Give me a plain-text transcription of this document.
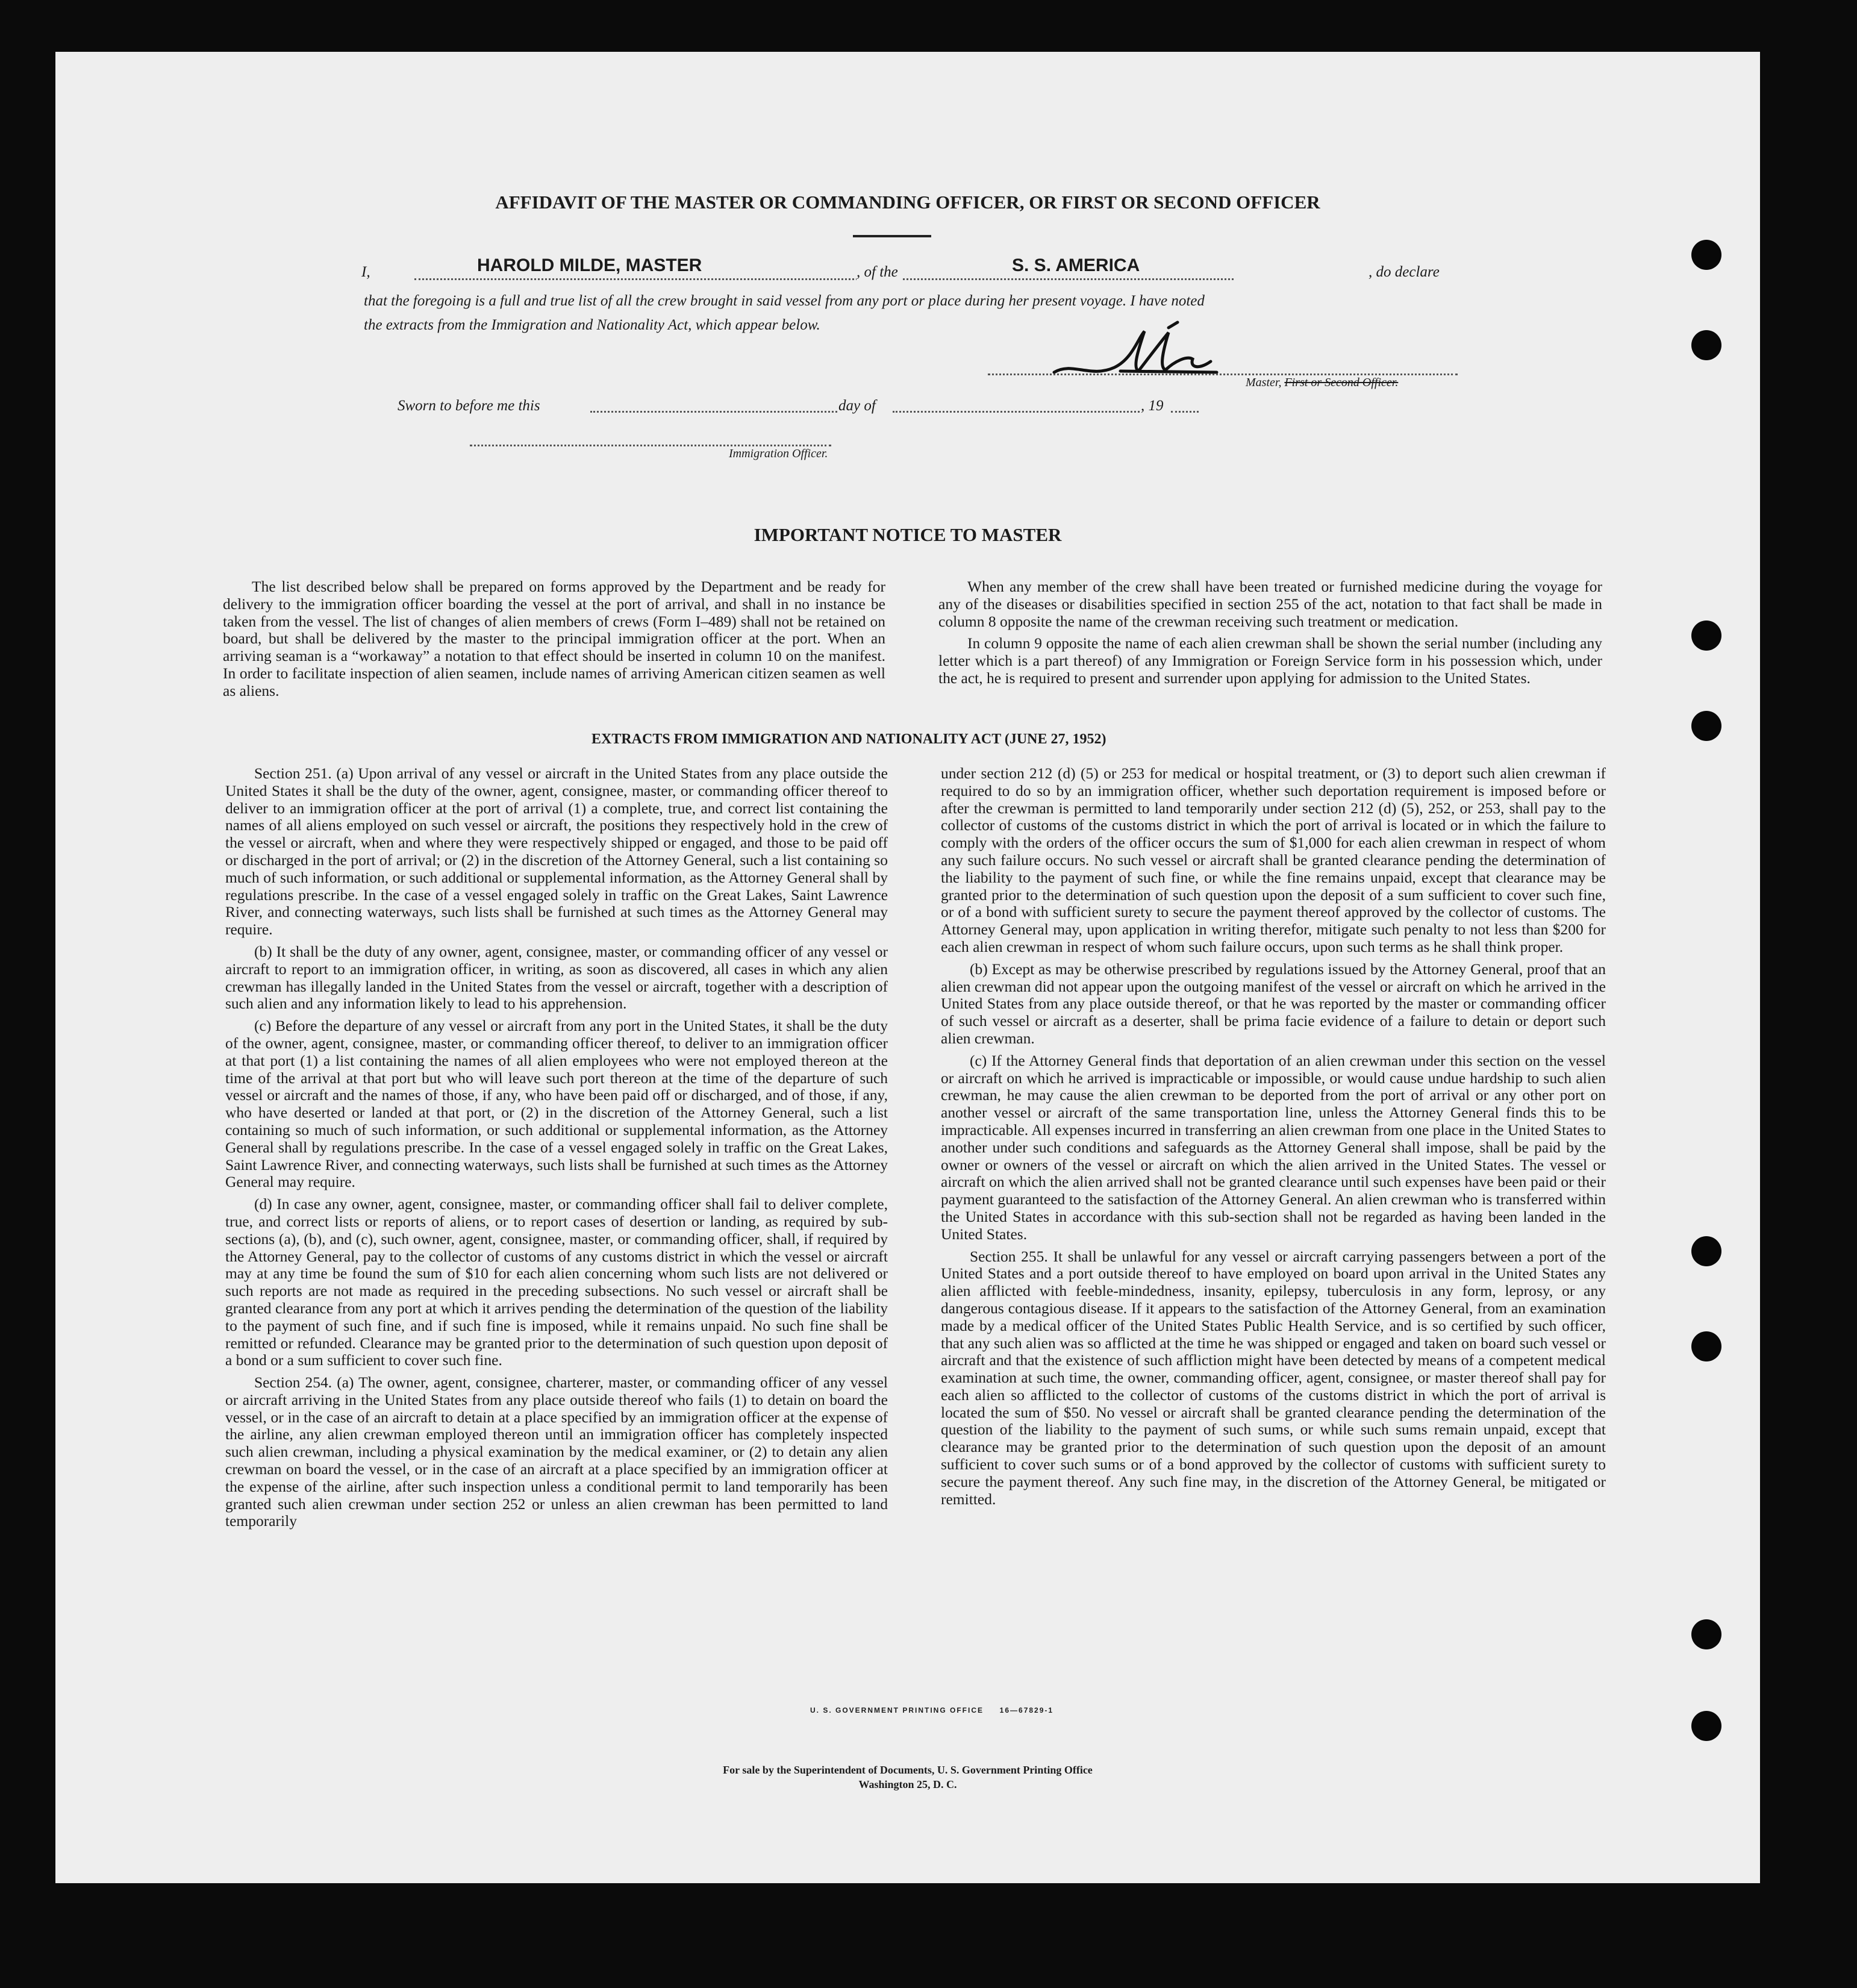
AFFIDAVIT OF THE MASTER OR COMMANDING OFFICER, OR FIRST OR SECOND OFFICER
I,	HAROLD MILDE, MASTER	, of the	S. S. AMERICA	, do declare
that the foregoing is a full and true list of all the crew brought in said vessel from any port or place during her present voyage. I have noted
the extracts from the Immigration and Nationality Act, which appear below.
Master, First or Second Officer.
Sworn to before me this	day of	, 19
Immigration Officer.
IMPORTANT NOTICE TO MASTER

The list described below shall be prepared on forms approved by the Department and be ready for delivery to the immigration officer boarding the vessel at the port of arrival, and shall in no instance be taken from the vessel. The list of changes of alien members of crews (Form I–489) shall not be retained on board, but shall be delivered by the master to the principal immigration officer at the port. When an arriving seaman is a “workaway” a notation to that effect should be inserted in column 10 on the manifest. In order to facilitate inspection of alien seamen, include names of arriving American citizen seamen as well as aliens.

When any member of the crew shall have been treated or furnished medicine during the voyage for any of the diseases or disabilities specified in section 255 of the act, notation to that fact shall be made in column 8 opposite the name of the crewman receiving such treatment or medication.

In column 9 opposite the name of each alien crewman shall be shown the serial number (including any letter which is a part thereof) of any Immigration or Foreign Service form in his possession which, under the act, he is required to present and surrender upon applying for admission to the United States.

EXTRACTS FROM IMMIGRATION AND NATIONALITY ACT (JUNE 27, 1952)

Section 251. (a) Upon arrival of any vessel or aircraft in the United States from any place outside the United States it shall be the duty of the owner, agent, consignee, master, or commanding officer thereof to deliver to an immigration officer at the port of arrival (1) a complete, true, and correct list containing the names of all aliens employed on such vessel or aircraft, the positions they respectively hold in the crew of the vessel or aircraft, when and where they were respectively shipped or engaged, and those to be paid off or discharged in the port of arrival; or (2) in the discretion of the Attorney General, such a list containing so much of such information, or such additional or supplemental information, as the Attorney General shall by regulations prescribe. In the case of a vessel engaged solely in traffic on the Great Lakes, Saint Lawrence River, and connecting waterways, such lists shall be furnished at such times as the Attorney General may require.

(b) It shall be the duty of any owner, agent, consignee, master, or commanding officer of any vessel or aircraft to report to an immigration officer, in writing, as soon as discovered, all cases in which any alien crewman has illegally landed in the United States from the vessel or aircraft, together with a description of such alien and any information likely to lead to his apprehension.

(c) Before the departure of any vessel or aircraft from any port in the United States, it shall be the duty of the owner, agent, consignee, master, or commanding officer thereof, to deliver to an immigration officer at that port (1) a list containing the names of all alien employees who were not employed thereon at the time of the arrival at that port but who will leave such port thereon at the time of the departure of such vessel or aircraft and the names of those, if any, who have been paid off or discharged, and of those, if any, who have deserted or landed at that port, or (2) in the discretion of the Attorney General, such a list containing so much of such information, or such additional or supplemental information, as the Attorney General shall by regulations prescribe. In the case of a vessel engaged solely in traffic on the Great Lakes, Saint Lawrence River, and connecting waterways, such lists shall be furnished at such times as the Attorney General may require.

(d) In case any owner, agent, consignee, master, or commanding officer shall fail to deliver complete, true, and correct lists or reports of aliens, or to report cases of desertion or landing, as required by sub-sections (a), (b), and (c), such owner, agent, consignee, master, or commanding officer, shall, if required by the Attorney General, pay to the collector of customs of any customs district in which the vessel or aircraft may at any time be found the sum of $10 for each alien concerning whom such lists are not delivered or such reports are not made as required in the preceding subsections. No such vessel or aircraft shall be granted clearance from any port at which it arrives pending the determination of the question of the liability to the payment of such fine, and if such fine is imposed, while it remains unpaid. No such fine shall be remitted or refunded. Clearance may be granted prior to the determination of such question upon deposit of a bond or a sum sufficient to cover such fine.

Section 254. (a) The owner, agent, consignee, charterer, master, or commanding officer of any vessel or aircraft arriving in the United States from any place outside thereof who fails (1) to detain on board the vessel, or in the case of an aircraft to detain at a place specified by an immigration officer at the expense of the airline, any alien crewman employed thereon until an immigration officer has completely inspected such alien crewman, including a physical examination by the medical examiner, or (2) to detain any alien crewman on board the vessel, or in the case of an aircraft at a place specified by an immigration officer at the expense of the airline, after such inspection unless a conditional permit to land temporarily has been granted such alien crewman under section 252 or unless an alien crewman has been permitted to land temporarily

under section 212 (d) (5) or 253 for medical or hospital treatment, or (3) to deport such alien crewman if required to do so by an immigration officer, whether such deportation requirement is imposed before or after the crewman is permitted to land temporarily under section 212 (d) (5), 252, or 253, shall pay to the collector of customs of the customs district in which the port of arrival is located or in which the failure to comply with the orders of the officer occurs the sum of $1,000 for each alien crewman in respect of whom any such failure occurs. No such vessel or aircraft shall be granted clearance pending the determination of the liability to the payment of such fine, or while the fine remains unpaid, except that clearance may be granted prior to the determination of such question upon the deposit of a sum sufficient to cover such fine, or of a bond with sufficient surety to secure the payment thereof approved by the collector of customs. The Attorney General may, upon application in writing therefor, mitigate such penalty to not less than $200 for each alien crewman in respect of whom such failure occurs, upon such terms as he shall think proper.

(b) Except as may be otherwise prescribed by regulations issued by the Attorney General, proof that an alien crewman did not appear upon the outgoing manifest of the vessel or aircraft on which he arrived in the United States from any place outside thereof, or that he was reported by the master or commanding officer of such vessel or aircraft as a deserter, shall be prima facie evidence of a failure to detain or deport such alien crewman.

(c) If the Attorney General finds that deportation of an alien crewman under this section on the vessel or aircraft on which he arrived is impracticable or impossible, or would cause undue hardship to such alien crewman, he may cause the alien crewman to be deported from the port of arrival or any other port on another vessel or aircraft of the same transportation line, unless the Attorney General finds this to be impracticable. All expenses incurred in transferring an alien crewman from one place in the United States to another under such conditions and safeguards as the Attorney General shall impose, shall be paid by the owner or owners of the vessel or aircraft on which the alien arrived in the United States. The vessel or aircraft on which the alien arrived shall not be granted clearance until such expenses have been paid or their payment guaranteed to the satisfaction of the Attorney General. An alien crewman who is transferred within the United States in accordance with this sub-section shall not be regarded as having been landed in the United States.

Section 255. It shall be unlawful for any vessel or aircraft carrying passengers between a port of the United States and a port outside thereof to have employed on board upon arrival in the United States any alien afflicted with feeble-mindedness, insanity, epilepsy, tuberculosis in any form, leprosy, or any dangerous contagious disease. If it appears to the satisfaction of the Attorney General, from an examination made by a medical officer of the United States Public Health Service, and is so certified by such officer, that any such alien was so afflicted at the time he was shipped or engaged and taken on board such vessel or aircraft and that the existence of such affliction might have been detected by means of a competent medical examination at such time, the owner, commanding officer, agent, consignee, or master thereof shall pay for each alien so afflicted to the collector of customs of the customs district in which the port of arrival is located the sum of $50. No vessel or aircraft shall be granted clearance pending the determination of the question of the liability to the payment of such sums, or while such sums remain unpaid, except that clearance may be granted prior to the determination of such question upon the deposit of an amount sufficient to cover such sums or of a bond approved by the collector of customs with sufficient surety to secure the payment thereof. Any such fine may, in the discretion of the Attorney General, be mitigated or remitted.

U. S. GOVERNMENT PRINTING OFFICE     16—67829-1
For sale by the Superintendent of Documents, U. S. Government Printing Office
Washington 25, D. C.
